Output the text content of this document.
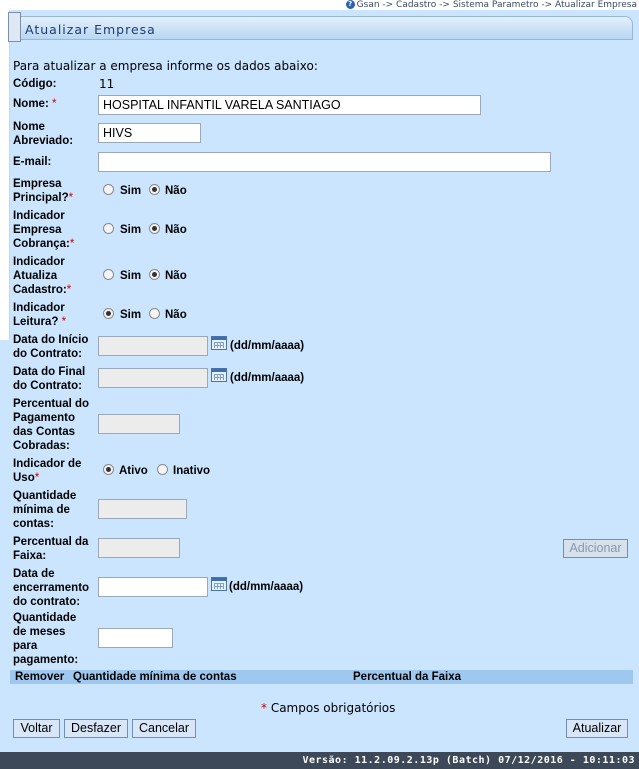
? Gsan -> Cadastro -> Sistema Parametro -> Atualizar Empresa
Atualizar Empresa
Para atualizar a empresa informe os dados abaixo:
Código:	11
Nome: *	HOSPITAL INFANTIL VARELA SANTIAGO
Nome
Abreviado:
HIVS
E-mail:
Empresa
Principal?*
Sim Não
Indicador
Empresa
Cobrança:*
Sim Não
Indicador
Atualiza
Cadastro:*
Sim Não
Indicador
Leitura? *
Sim Não
Data do Início
do Contrato:
(dd/mm/aaaa)
Data do Final
do Contrato:
(dd/mm/aaaa)
Percentual do
Pagamento
das Contas
Cobradas:
Indicador de
Uso*
Ativo Inativo
Quantidade
mínima de
contas:
Percentual da
Faixa:
Adicionar
Data de
encerramento
do contrato:
(dd/mm/aaaa)
Quantidade
de meses
para
pagamento:
Remover Quantidade mínima de contas	Percentual da Faixa
* Campos obrigatórios
Voltar	Desfazer	Cancelar	Atualizar
Versão: 11.2.09.2.13p (Batch) 07/12/2016 - 10:11:03
